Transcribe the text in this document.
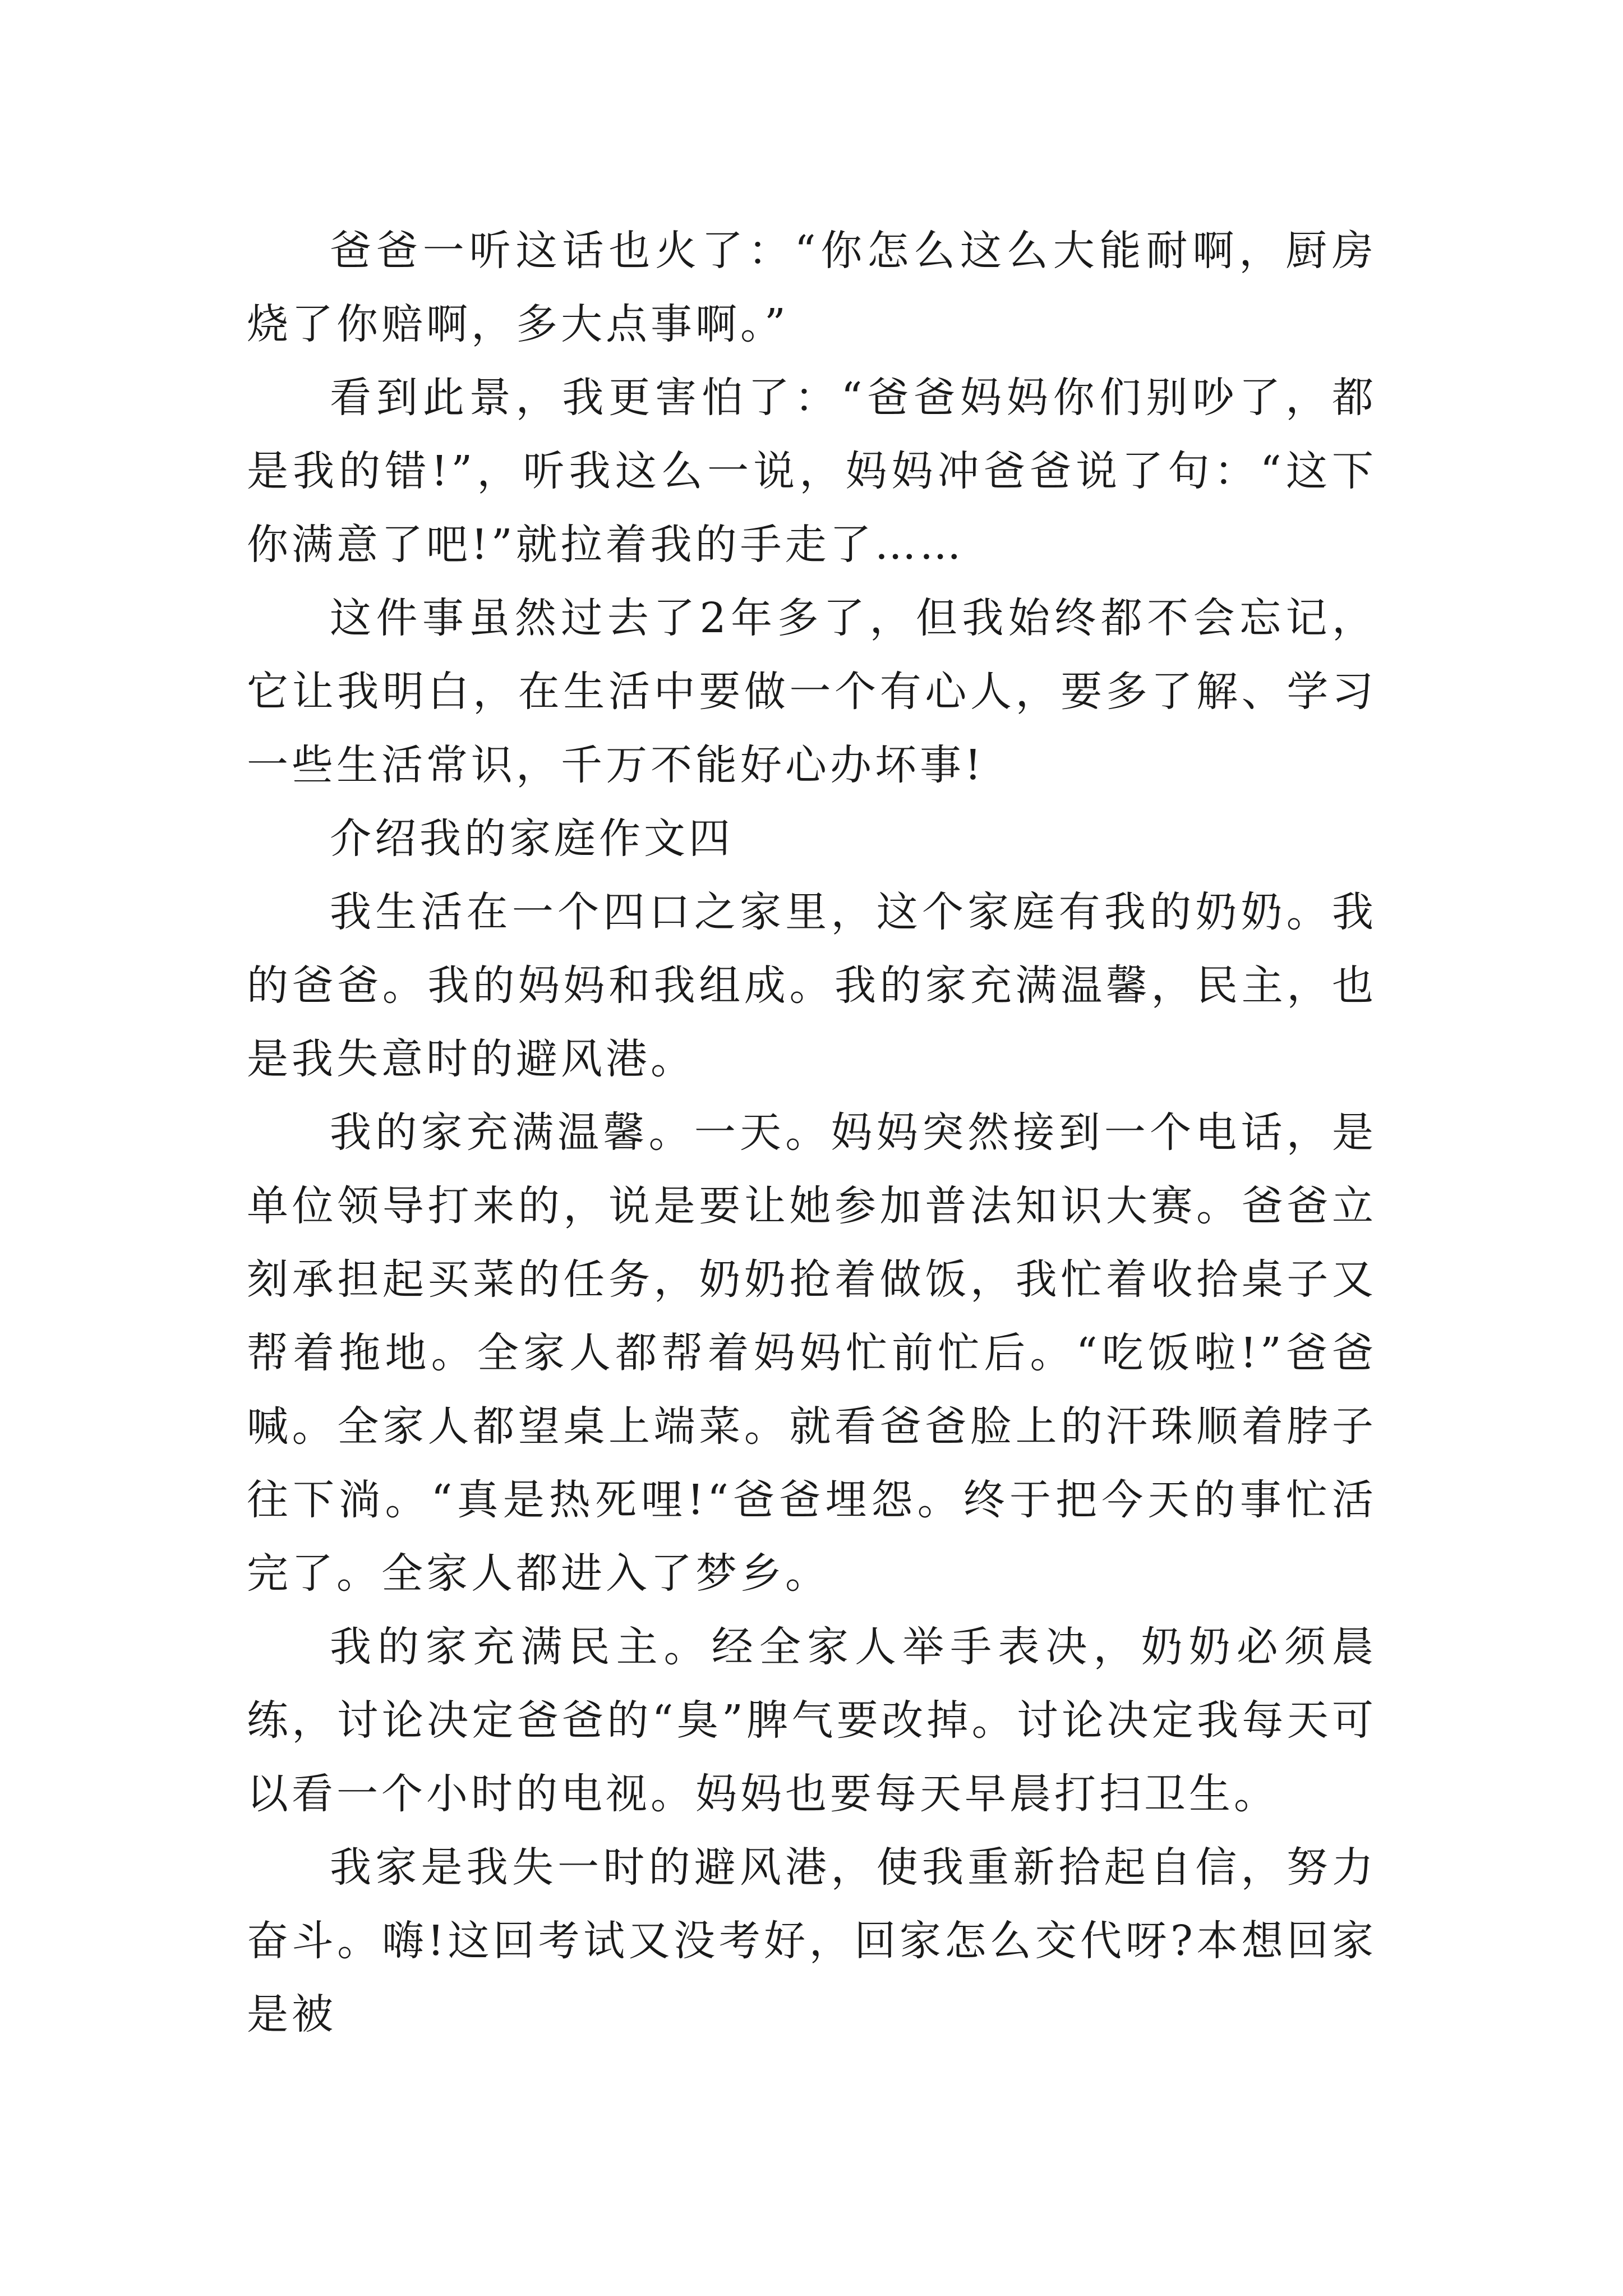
爸爸一听这话也火了：“你怎么这么大能耐啊，厨房烧了你赔啊，多大点事啊。”

看到此景，我更害怕了：“爸爸妈妈你们别吵了，都是我的错!”，听我这么一说，妈妈冲爸爸说了句：“这下你满意了吧!”就拉着我的手走了……

这件事虽然过去了2年多了，但我始终都不会忘记，它让我明白，在生活中要做一个有心人，要多了解、学习一些生活常识，千万不能好心办坏事!

介绍我的家庭作文四

我生活在一个四口之家里，这个家庭有我的奶奶。我的爸爸。我的妈妈和我组成。我的家充满温馨，民主，也是我失意时的避风港。

我的家充满温馨。一天。妈妈突然接到一个电话，是单位领导打来的，说是要让她参加普法知识大赛。爸爸立刻承担起买菜的任务，奶奶抢着做饭，我忙着收拾桌子又帮着拖地。全家人都帮着妈妈忙前忙后。“吃饭啦!”爸爸喊。全家人都望桌上端菜。就看爸爸脸上的汗珠顺着脖子往下淌。“真是热死哩!“爸爸埋怨。终于把今天的事忙活完了。全家人都进入了梦乡。

我的家充满民主。经全家人举手表决，奶奶必须晨练，讨论决定爸爸的“臭”脾气要改掉。讨论决定我每天可以看一个小时的电视。妈妈也要每天早晨打扫卫生。

我家是我失一时的避风港，使我重新拾起自信，努力奋斗。嗨!这回考试又没考好，回家怎么交代呀?本想回家是被
